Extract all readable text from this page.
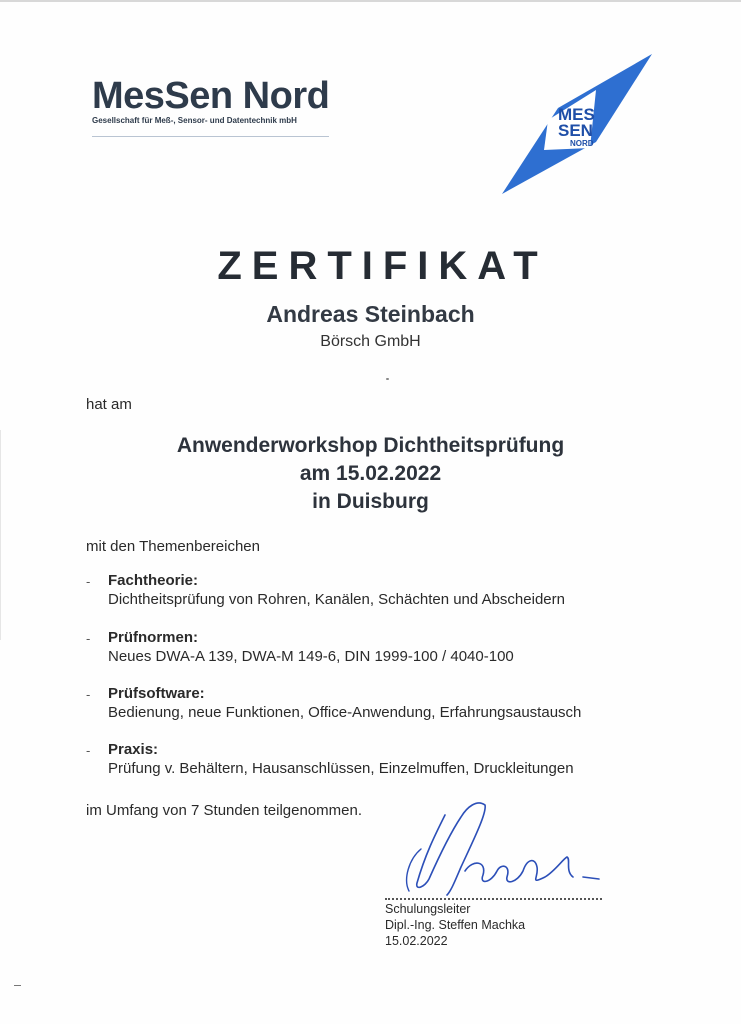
MesSen Nord
Gesellschaft für Meß-, Sensor- und Datentechnik mbH	MES
SEN
NORD
ZERTIFIKAT
Andreas Steinbach
Börsch GmbH
hat am
Anwenderworkshop Dichtheitsprüfung
am 15.02.2022
in Duisburg
mit den Themenbereichen
- Fachtheorie:
Dichtheitsprüfung von Rohren, Kanälen, Schächten und Abscheidern
- Prüfnormen:
Neues DWA-A 139, DWA-M 149-6, DIN 1999-100 / 4040-100
- Prüfsoftware:
Bedienung, neue Funktionen, Office-Anwendung, Erfahrungsaustausch
- Praxis:
Prüfung v. Behältern, Hausanschlüssen, Einzelmuffen, Druckleitungen
im Umfang von 7 Stunden teilgenommen.
Schulungsleiter
Dipl.-Ing. Steffen Machka
15.02.2022
